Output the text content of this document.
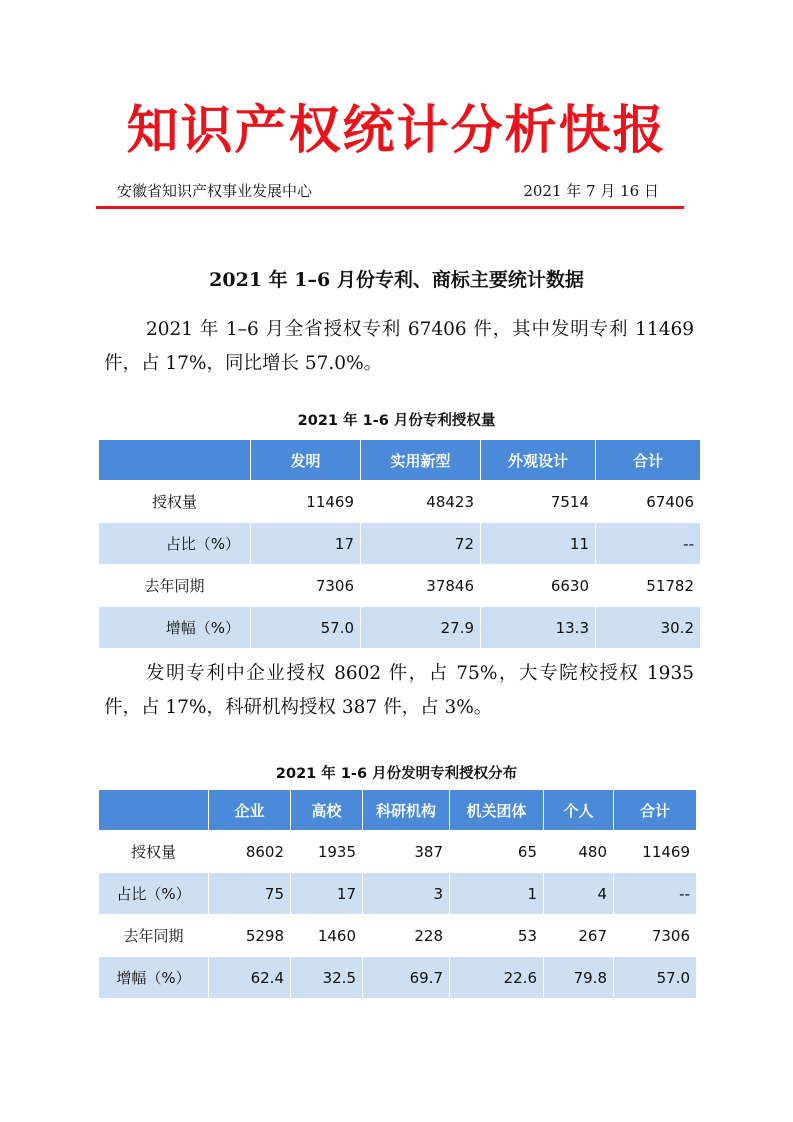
知识产权统计分析快报
安徽省知识产权事业发展中心	2021 年 7 月 16 日
2021 年 1–6 月份专利、商标主要统计数据

2021 年 1–6 月全省授权专利 67406 件，其中发明专利 11469 件，占 17%，同比增长 57.0%。

2021 年 1-6 月份专利授权量
	发明	实用新型	外观设计	合计
授权量	11469	48423	7514	67406
占比（%）	17	72	11	--
去年同期	7306	37846	6630	51782
增幅（%）	57.0	27.9	13.3	30.2

发明专利中企业授权 8602 件，占 75%，大专院校授权 1935 件，占 17%，科研机构授权 387 件，占 3%。

2021 年 1-6 月份发明专利授权分布
	企业	高校	科研机构	机关团体	个人	合计
授权量	8602	1935	387	65	480	11469
占比（%）	75	17	3	1	4	--
去年同期	5298	1460	228	53	267	7306
增幅（%）	62.4	32.5	69.7	22.6	79.8	57.0
